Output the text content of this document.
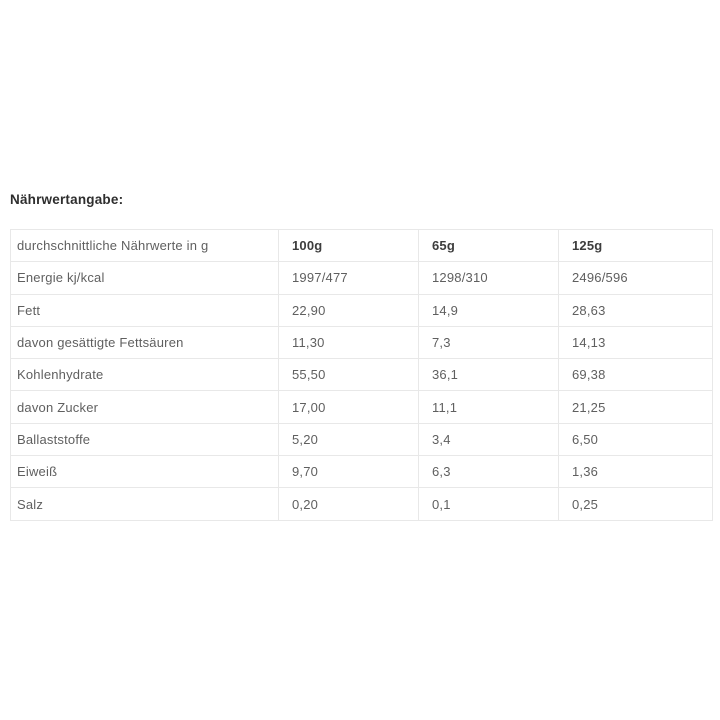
Nährwertangabe:
durchschnittliche Nährwerte in g	100g	65g	125g
Energie kj/kcal	1997/477	1298/310	2496/596
Fett	22,90	14,9	28,63
davon gesättigte Fettsäuren	11,30	7,3	14,13
Kohlenhydrate	55,50	36,1	69,38
davon Zucker	17,00	11,1	21,25
Ballaststoffe	5,20	3,4	6,50
Eiweiß	9,70	6,3	1,36
Salz	0,20	0,1	0,25
